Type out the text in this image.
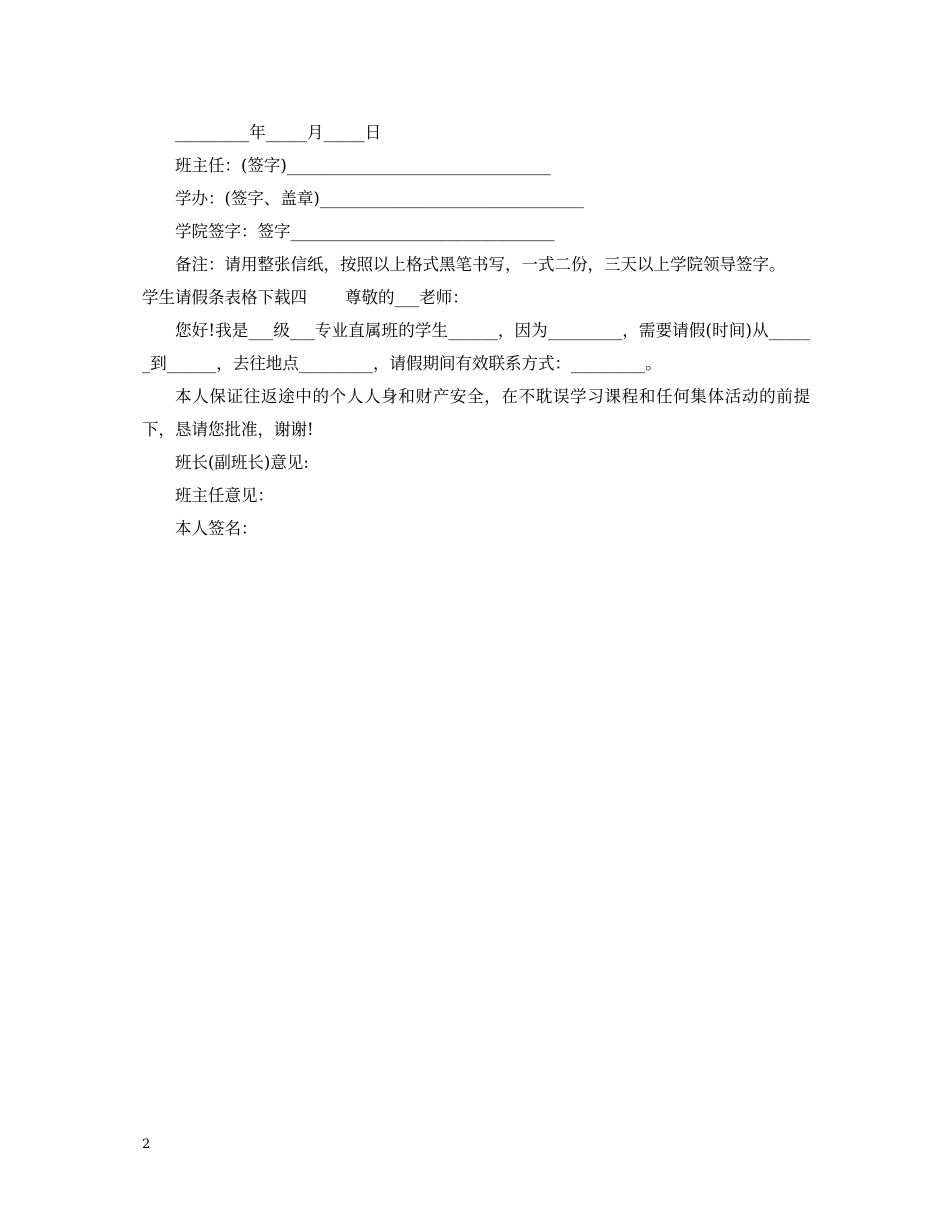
_________年_____月_____日
班主任：(签字)________________________________
学办：(签字、盖章)________________________________
学院签字：签字________________________________
备注：请用整张信纸，按照以上格式黑笔书写，一式二份，三天以上学院领导签字。
学生请假条表格下载四 尊敬的___老师：
您好!我是___级___专业直属班的学生______，因为_________，需要请假(时间)从______到______，去往地点_________，请假期间有效联系方式：_________。
本人保证往返途中的个人人身和财产安全，在不耽误学习课程和任何集体活动的前提下，恳请您批准，谢谢!
班长(副班长)意见:
班主任意见：
本人签名：
2
